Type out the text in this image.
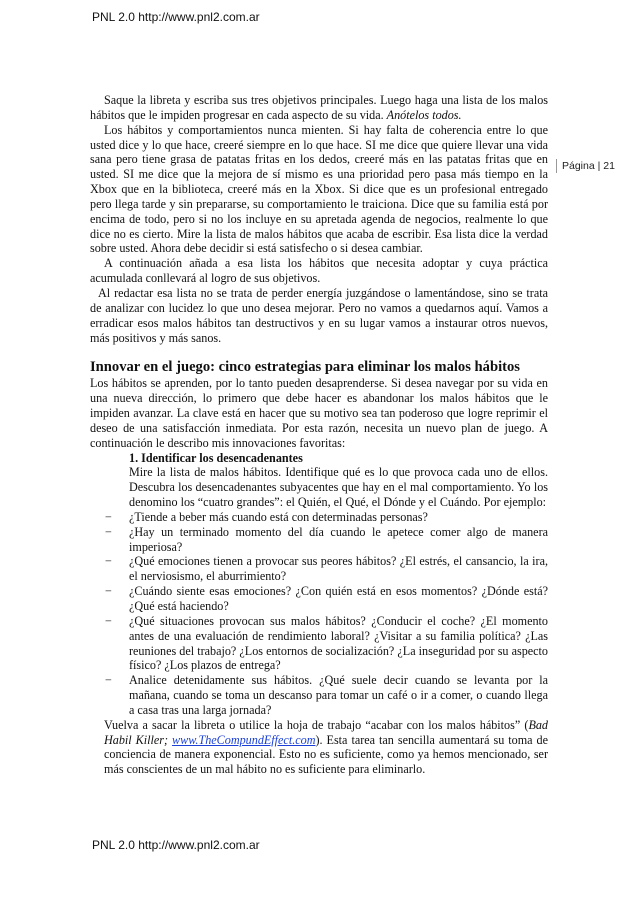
PNL 2.0 http://www.pnl2.com.ar
Página | 21

Saque la libreta y escriba sus tres objetivos principales. Luego haga una lista de los malos hábitos que le impiden progresar en cada aspecto de su vida. Anótelos todos.

Los hábitos y comportamientos nunca mienten. Si hay falta de coherencia entre lo que usted dice y lo que hace, creeré siempre en lo que hace. SI me dice que quiere llevar una vida sana pero tiene grasa de patatas fritas en los dedos, creeré más en las patatas fritas que en usted. SI me dice que la mejora de sí mismo es una prioridad pero pasa más tiempo en la Xbox que en la biblioteca, creeré más en la Xbox. Si dice que es un profesional entregado pero llega tarde y sin prepararse, su comportamiento le traiciona. Dice que su familia está por encima de todo, pero si no los incluye en su apretada agenda de negocios, realmente lo que dice no es cierto. Mire la lista de malos hábitos que acaba de escribir. Esa lista dice la verdad sobre usted. Ahora debe decidir si está satisfecho o si desea cambiar.

A continuación añada a esa lista los hábitos que necesita adoptar y cuya práctica acumulada conllevará al logro de sus objetivos.

Al redactar esa lista no se trata de perder energía juzgándose o lamentándose, sino se trata de analizar con lucidez lo que uno desea mejorar. Pero no vamos a quedarnos aquí. Vamos a erradicar esos malos hábitos tan destructivos y en su lugar vamos a instaurar otros nuevos, más positivos y más sanos.

Innovar en el juego: cinco estrategias para eliminar los malos hábitos

Los hábitos se aprenden, por lo tanto pueden desaprenderse. Si desea navegar por su vida en una nueva dirección, lo primero que debe hacer es abandonar los malos hábitos que le impiden avanzar. La clave está en hacer que su motivo sea tan poderoso que logre reprimir el deseo de una satisfacción inmediata. Por esta razón, necesita un nuevo plan de juego. A continuación le describo mis innovaciones favoritas:

1. Identificar los desencadenantes

Mire la lista de malos hábitos. Identifique qué es lo que provoca cada uno de ellos. Descubra los desencadenantes subyacentes que hay en el mal comportamiento. Yo los denomino los “cuatro grandes”: el Quién, el Qué, el Dónde y el Cuándo. Por ejemplo:

− ¿Tiende a beber más cuando está con determinadas personas?
− ¿Hay un terminado momento del día cuando le apetece comer algo de manera imperiosa?
− ¿Qué emociones tienen a provocar sus peores hábitos? ¿El estrés, el cansancio, la ira, el nerviosismo, el aburrimiento?
− ¿Cuándo siente esas emociones? ¿Con quién está en esos momentos? ¿Dónde está? ¿Qué está haciendo?
− ¿Qué situaciones provocan sus malos hábitos? ¿Conducir el coche? ¿El momento antes de una evaluación de rendimiento laboral? ¿Visitar a su familia política? ¿Las reuniones del trabajo? ¿Los entornos de socialización? ¿La inseguridad por su aspecto físico? ¿Los plazos de entrega?
− Analice detenidamente sus hábitos. ¿Qué suele decir cuando se levanta por la mañana, cuando se toma un descanso para tomar un café o ir a comer, o cuando llega a casa tras una larga jornada?

Vuelva a sacar la libreta o utilice la hoja de trabajo “acabar con los malos hábitos” (Bad Habil Killer; www.TheCompundEffect.com). Esta tarea tan sencilla aumentará su toma de conciencia de manera exponencial. Esto no es suficiente, como ya hemos mencionado, ser más conscientes de un mal hábito no es suficiente para eliminarlo.

PNL 2.0 http://www.pnl2.com.ar
